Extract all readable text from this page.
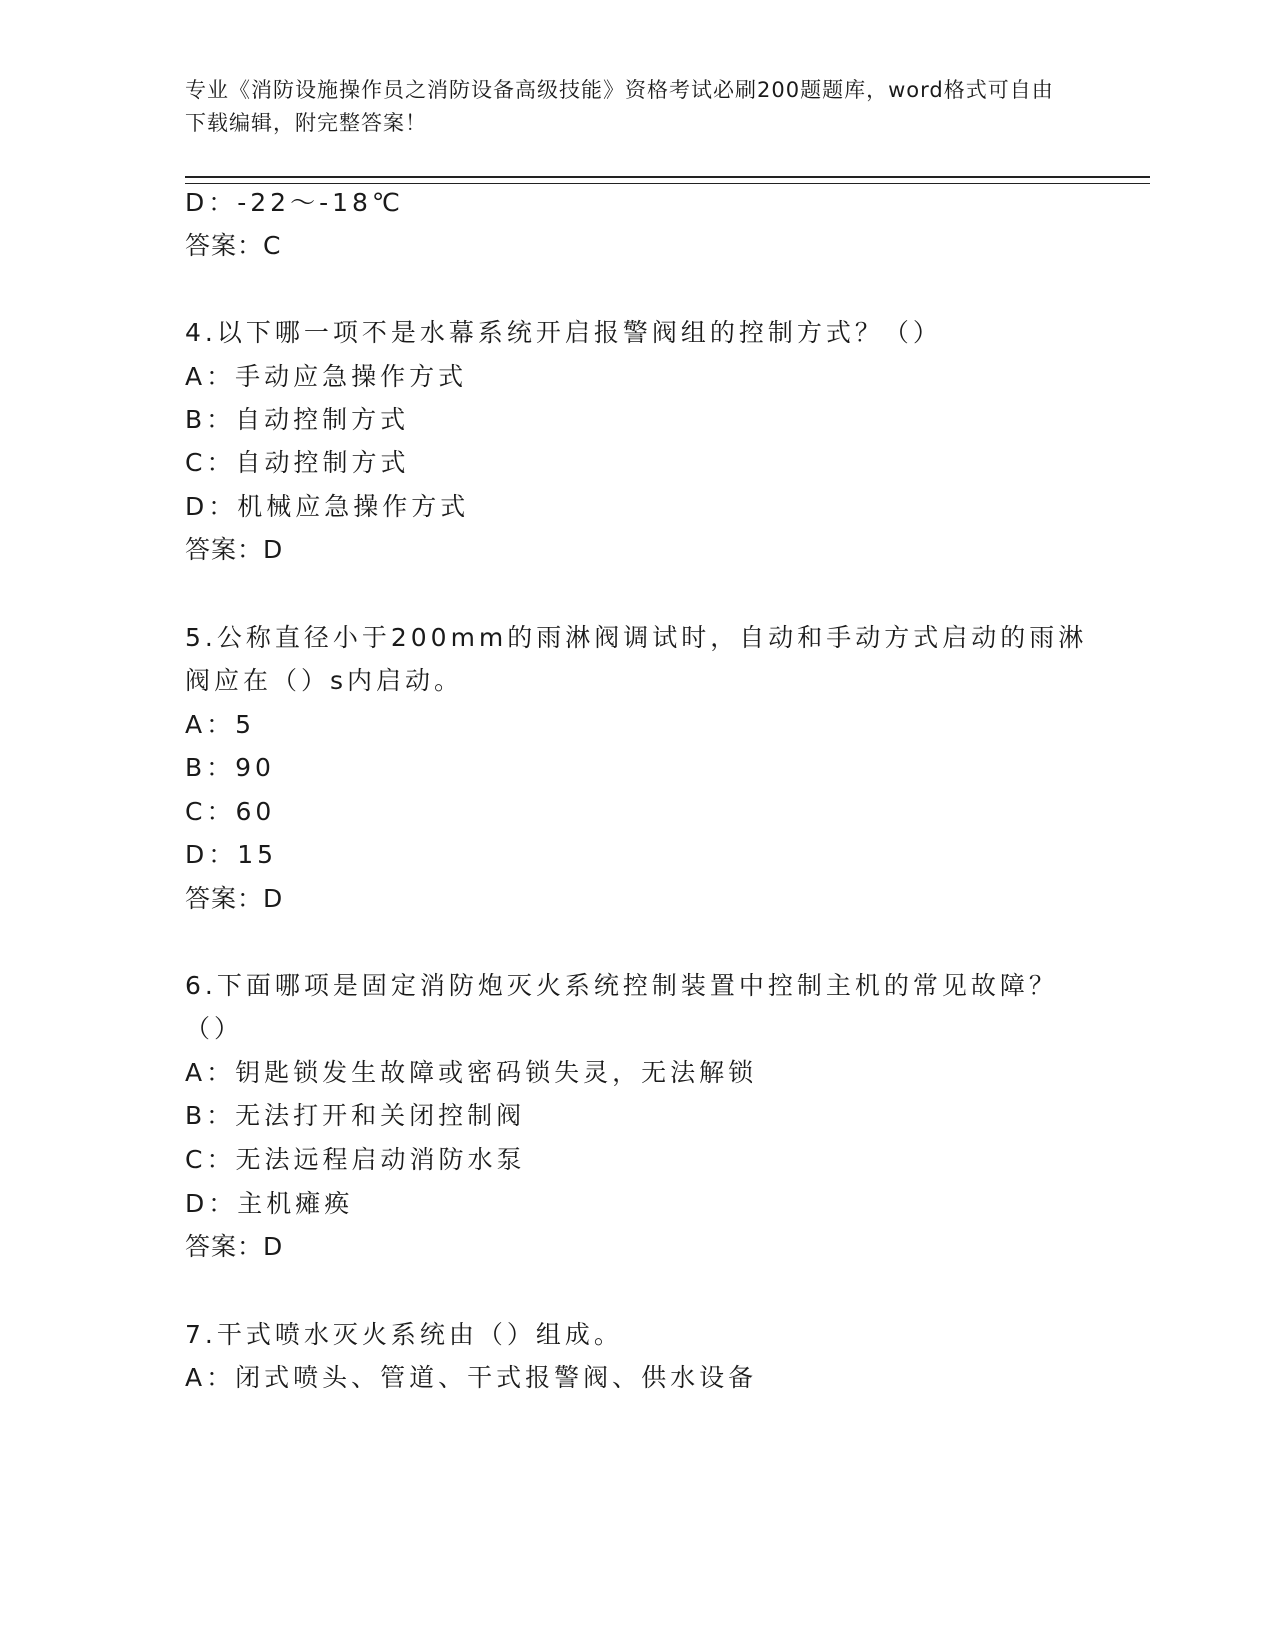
专业《消防设施操作员之消防设备高级技能》资格考试必刷200题题库，word格式可自由下载编辑，附完整答案！
D：-22～-18℃
答案：C
4.以下哪一项不是水幕系统开启报警阀组的控制方式？（）
A：手动应急操作方式
B：自动控制方式
C：自动控制方式
D：机械应急操作方式
答案：D
5.公称直径小于200mm的雨淋阀调试时，自动和手动方式启动的雨淋
阀应在（）s内启动。
A：5
B：90
C：60
D：15
答案：D
6.下面哪项是固定消防炮灭火系统控制装置中控制主机的常见故障？
（）
A：钥匙锁发生故障或密码锁失灵，无法解锁
B：无法打开和关闭控制阀
C：无法远程启动消防水泵
D：主机瘫痪
答案：D
7.干式喷水灭火系统由（）组成。
A：闭式喷头、管道、干式报警阀、供水设备
